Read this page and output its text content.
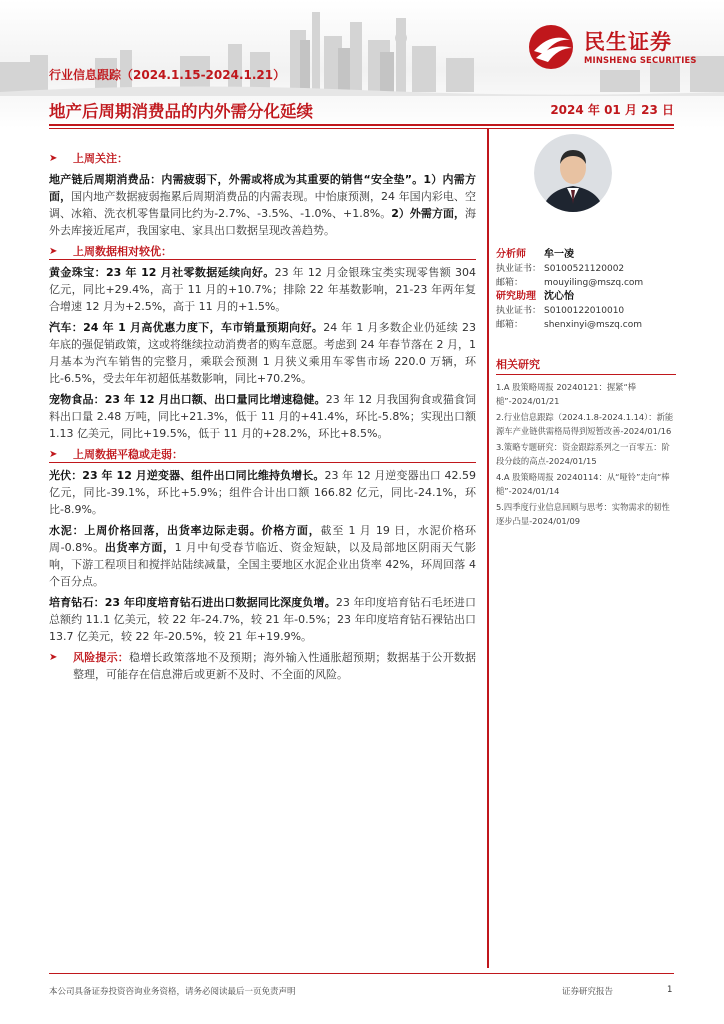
民生证券
MINSHENG SECURITIES
行业信息跟踪（2024.1.15-2024.1.21）
地产后周期消费品的内外需分化延续	2024 年 01 月 23 日
➤	上周关注：

地产链后周期消费品：内需疲弱下，外需或将成为其重要的销售“安全垫”。1）内需方面，国内地产数据疲弱拖累后周期消费品的内需表现。中怡康预测，24 年国内彩电、空调、冰箱、洗衣机零售量同比约为-2.7%、-3.5%、-1.0%、+1.8%。2）外需方面，海外去库接近尾声，我国家电、家具出口数据呈现改善趋势。

➤	上周数据相对较优：

黄金珠宝：23 年 12 月社零数据延续向好。23 年 12 月金银珠宝类实现零售额 304 亿元，同比+29.4%，高于 11 月的+10.7%；排除 22 年基数影响，21-23 年两年复合增速 12 月为+2.5%，高于 11 月的+1.5%。

汽车：24 年 1 月高优惠力度下，车市销量预期向好。24 年 1 月多数企业仍延续 23 年底的强促销政策，这或将继续拉动消费者的购车意愿。考虑到 24 年春节落在 2 月，1 月基本为汽车销售的完整月，乘联会预测 1 月狭义乘用车零售市场 220.0 万辆，环比-6.5%，受去年年初超低基数影响，同比+70.2%。

宠物食品：23 年 12 月出口额、出口量同比增速稳健。23 年 12 月我国狗食或猫食饲料出口量 2.48 万吨，同比+21.3%，低于 11 月的+41.4%，环比-5.8%；实现出口额 1.13 亿美元，同比+19.5%，低于 11 月的+28.2%，环比+8.5%。

➤	上周数据平稳或走弱：

光伏：23 年 12 月逆变器、组件出口同比维持负增长。23 年 12 月逆变器出口 42.59 亿元，同比-39.1%，环比+5.9%；组件合计出口额 166.82 亿元，同比-24.1%，环比-8.9%。

水泥：上周价格回落，出货率边际走弱。价格方面，截至 1 月 19 日，水泥价格环周-0.8%。出货率方面，1 月中旬受春节临近、资金短缺，以及局部地区阴雨天气影响，下游工程项目和搅拌站陆续减量，全国主要地区水泥企业出货率 42%，环周回落 4 个百分点。

培育钻石：23 年印度培育钻石进出口数据同比深度负增。23 年印度培育钻石毛坯进口总额约 11.1 亿美元，较 22 年-24.7%，较 21 年-0.5%；23 年印度培育钻石裸钻出口 13.7 亿美元，较 22 年-20.5%，较 21 年+19.9%。

➤	风险提示：稳增长政策落地不及预期；海外输入性通胀超预期；数据基于公开数据整理，可能存在信息滞后或更新不及时、不全面的风险。

分析师	牟一凌
执业证书： S0100521120002
邮箱：	mouyiling@mszq.com
研究助理 沈心怡
执业证书： S0100122010010
邮箱：	shenxinyi@mszq.com
相关研究
1.A 股策略周报 20240121：握紧“棒槌”-2024/01/21
2.行业信息跟踪（2024.1.8-2024.1.14）：新能源车产业链供需格局得到短暂改善-2024/01/16
3.策略专题研究：资金跟踪系列之一百零五：阶段分歧的高点-2024/01/15
4.A 股策略周报 20240114：从“哑铃”走向“棒槌”-2024/01/14
5.四季度行业信息回顾与思考：实物需求的韧性逐步凸显-2024/01/09
本公司具备证券投资咨询业务资格，请务必阅读最后一页免责声明	证券研究报告	1
